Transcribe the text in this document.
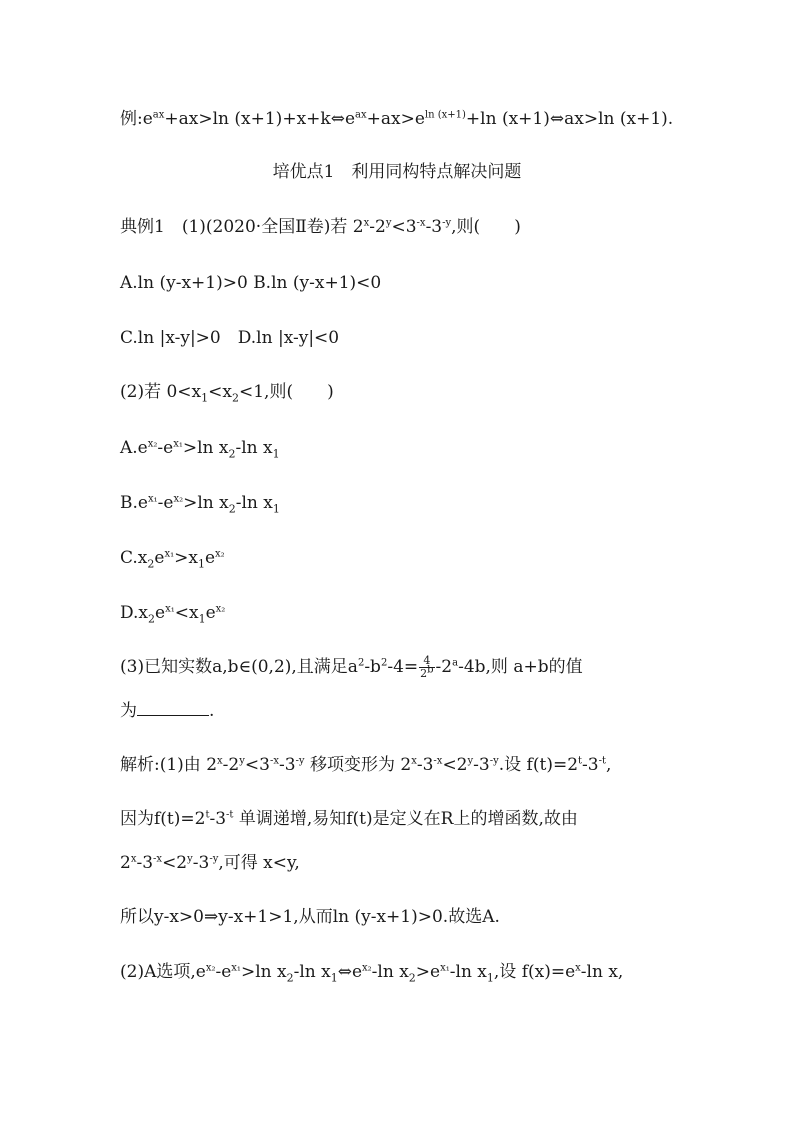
例$:e^{ax}+ax>\ln$ $(x+1)+x+k\Leftrightarrow e^{ax}+ax>e^{ln (x+1)}+\ln$ (x+1)⇔ax>ln (x+1).
培优点1　利用同构特点解决问题
典例1　(1)(2020·全国Ⅱ卷)若 $2^x-2^y<3^{-x}-3^{-y}$,则(　　)
A.ln (y-x+1)>0 B.ln (y-x+1)<0
C.ln |x-y|>0　D.ln |x-y|<0
(2)若 $0<x_1<x_2<1$,则(　　)
$A.e^{x_2}-e^{x_1}>\ln$ $x_2-\ln$ $x_1$
$B.e^{x_1}-e^{x_2}>\ln$ $x_2-\ln$ $x_1$
$C.x_2e^{x_1}>x_1e^{x_2}$
$D.x_2e^{x_1}<x_1e^{x_2}$
(3)已知实数a,b∈(0,2),且满足$a^2-b^2-4= \frac{4}{2b} -2^a-4b$,则 a+b的值
为	.
解析:(1)由 $2^x-2^y<3^{-x}-3^{-y}$ 移项变形为 $2^x-3^{-x}<2^y-3^{-y}$.设 $f(t)=2^t-3^{-t}$,
因为$f(t)=2^t-3^{-t}$ 单调递增,易知f(t)是定义在R上的增函数,故由
$2^x-3^{-x}<2^y-3^{-y}$,可得 x<y,
所以y-x>0⇒y-x+1>1,从而ln (y-x+1)>0.故选A.
(2)A选项$,e^{x_2}-e^{x_1}>\ln$ $x_2-\ln$ $x_1\Leftrightarrow e^{x_2}-\ln$ $x_2>e^{x_1}-\ln$ $x_1$,设 $f(x)=e^x-\ln$ x,
